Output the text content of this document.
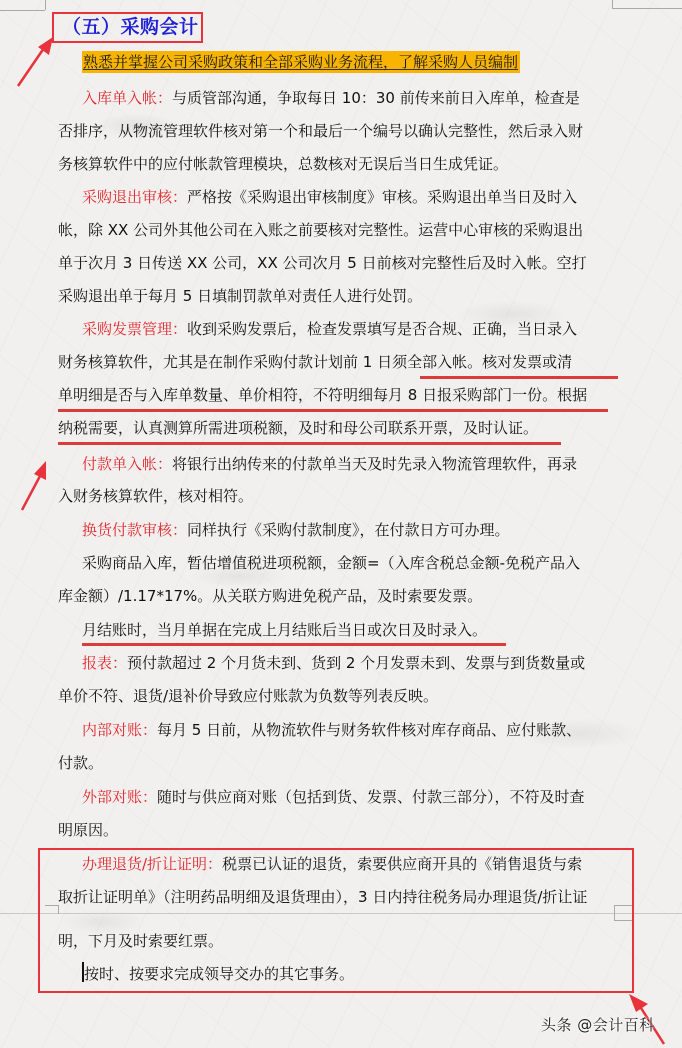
（五）采购会计
熟悉并掌握公司采购政策和全部采购业务流程，了解采购人员编制
入库单入帐：与质管部沟通，争取每日 10：30 前传来前日入库单，检查是
否排序，从物流管理软件核对第一个和最后一个编号以确认完整性，然后录入财
务核算软件中的应付帐款管理模块，总数核对无误后当日生成凭证。
采购退出审核：严格按《采购退出审核制度》审核。采购退出单当日及时入
帐，除 XX 公司外其他公司在入账之前要核对完整性。运营中心审核的采购退出
单于次月 3 日传送 XX 公司，XX 公司次月 5 日前核对完整性后及时入帐。空打
采购退出单于每月 5 日填制罚款单对责任人进行处罚。
采购发票管理：收到采购发票后，检查发票填写是否合规、正确，当日录入
财务核算软件，尤其是在制作采购付款计划前 1 日须全部入帐。核对发票或清
单明细是否与入库单数量、单价相符，不符明细每月 8 日报采购部门一份。根据
纳税需要，认真测算所需进项税额，及时和母公司联系开票，及时认证。
付款单入帐：将银行出纳传来的付款单当天及时先录入物流管理软件，再录
入财务核算软件，核对相符。
换货付款审核：同样执行《采购付款制度》，在付款日方可办理。
采购商品入库，暂估增值税进项税额，金额=（入库含税总金额-免税产品入
库金额）/1.17*17%。从关联方购进免税产品，及时索要发票。
月结账时，当月单据在完成上月结账后当日或次日及时录入。
报表：预付款超过 2 个月货未到、货到 2 个月发票未到、发票与到货数量或
单价不符、退货/退补价导致应付账款为负数等列表反映。
内部对账：每月 5 日前，从物流软件与财务软件核对库存商品、应付账款、
付款。
外部对账：随时与供应商对账（包括到货、发票、付款三部分），不符及时查
明原因。
办理退货/折让证明：税票已认证的退货，索要供应商开具的《销售退货与索
取折让证明单》（注明药品明细及退货理由），3 日内持往税务局办理退货/折让证
明，下月及时索要红票。
按时、按要求完成领导交办的其它事务。
头条 @会计百科
